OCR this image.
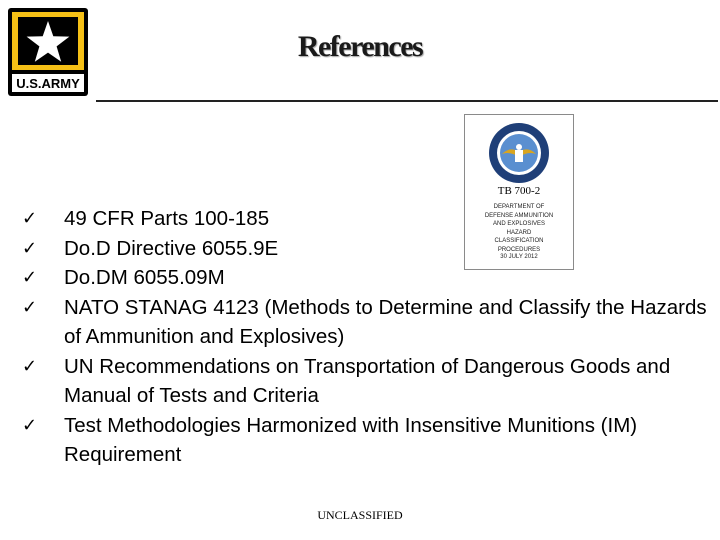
U.S.ARMY
References
TB 700-2
DEPARTMENT OF DEFENSE AMMUNITION AND EXPLOSIVES HAZARD CLASSIFICATION PROCEDURES
30 JULY 2012
✓ 49 CFR Parts 100-185
✓ Do.D Directive 6055.9E
✓ Do.DM 6055.09M
✓ NATO STANAG 4123 (Methods to Determine and Classify the Hazards of Ammunition and Explosives)
✓ UN Recommendations on Transportation of Dangerous Goods and Manual of Tests and Criteria
✓ Test Methodologies Harmonized with Insensitive Munitions (IM) Requirement
UNCLASSIFIED
